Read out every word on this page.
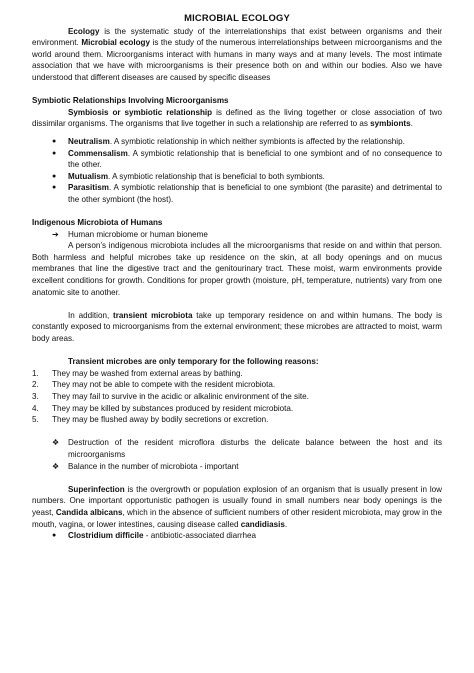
MICROBIAL ECOLOGY

Ecology is the systematic study of the interrelationships that exist between organisms and their environment. Microbial ecology is the study of the numerous interrelationships between microorganisms and the world around them. Microorganisms interact with humans in many ways and at many levels. The most intimate association that we have with microorganisms is their presence both on and within our bodies. Also we have understood that different diseases are caused by specific diseases

Symbiotic Relationships Involving Microorganisms

Symbiosis or symbiotic relationship is defined as the living together or close association of two dissimilar organisms. The organisms that live together in such a relationship are referred to as symbionts.

● Neutralism. A symbiotic relationship in which neither symbionts is affected by the relationship.
● Commensalism. A symbiotic relationship that is beneficial to one symbiont and of no consequence to the other.
● Mutualism. A symbiotic relationship that is beneficial to both symbionts.
● Parasitism. A symbiotic relationship that is beneficial to one symbiont (the parasite) and detrimental to the other symbiont (the host).

Indigenous Microbiota of Humans

➔ Human microbiome or human bioneme

A person’s indigenous microbiota includes all the microorganisms that reside on and within that person. Both harmless and helpful microbes take up residence on the skin, at all body openings and on mucus membranes that line the digestive tract and the genitourinary tract. These moist, warm environments provide excellent conditions for growth. Conditions for proper growth (moisture, pH, temperature, nutrients) vary from one anatomic site to another.

In addition, transient microbiota take up temporary residence on and within humans. The body is constantly exposed to microorganisms from the external environment; these microbes are attracted to moist, warm body areas.

Transient microbes are only temporary for the following reasons:

1. They may be washed from external areas by bathing.
2. They may not be able to compete with the resident microbiota.
3. They may fail to survive in the acidic or alkalinic environment of the site.
4. They may be killed by substances produced by resident microbiota.
5. They may be flushed away by bodily secretions or excretion.
❖ Destruction of the resident microflora disturbs the delicate balance between the host and its microorganisms
❖ Balance in the number of microbiota - important

Superinfection is the overgrowth or population explosion of an organism that is usually present in low numbers. One important opportunistic pathogen is usually found in small numbers near body openings is the yeast, Candida albicans, which in the absence of sufficient numbers of other resident microbiota, may grow in the mouth, vagina, or lower intestines, causing disease called candidiasis.

● Clostridium difficile - antibiotic-associated diarrhea
